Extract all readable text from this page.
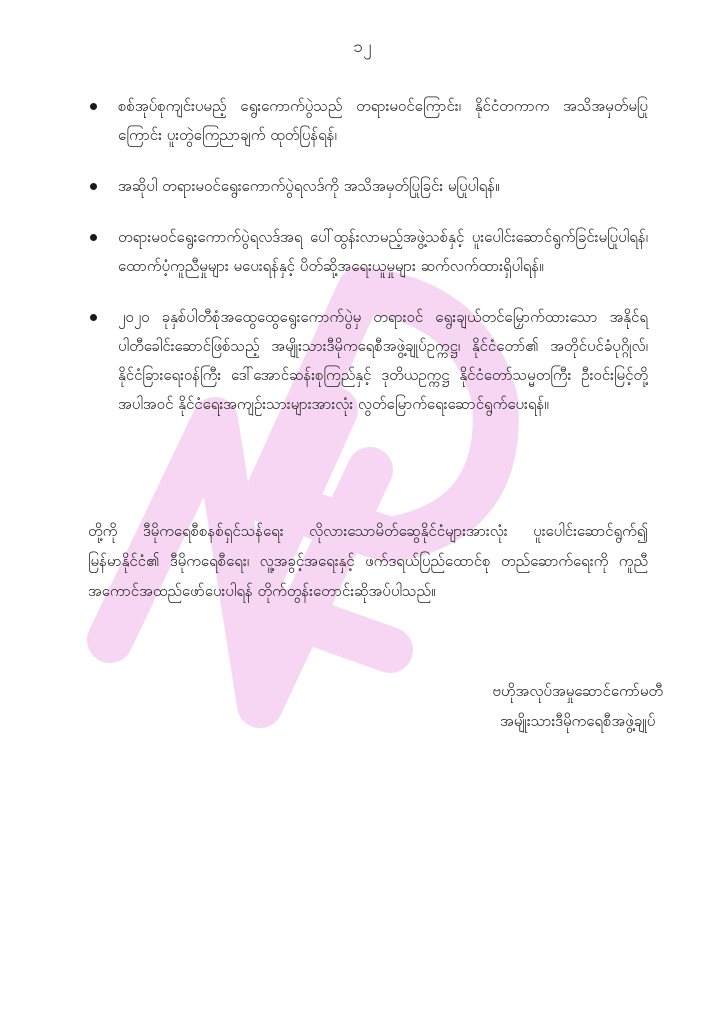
၁၂
စစ်အုပ်စုကျင်းပမည့် ရွေးကောက်ပွဲသည် တရားမဝင်ကြောင်း၊ နိုင်ငံတကာက အသိအမှတ်မပြုကြောင်း ပူးတွဲကြေညာချက် ထုတ်ပြန်ရန်၊
အဆိုပါ တရားမဝင်ရွေးကောက်ပွဲရလဒ်ကို အသိအမှတ်ပြုခြင်း မပြုပါရန်။
တရားမဝင်ရွေးကောက်ပွဲရလဒ်အရ ပေါ်ထွန်းလာမည့်အဖွဲ့သစ်နှင့် ပူးပေါင်းဆောင်ရွက်ခြင်းမပြုပါရန်၊ ထောက်ပံ့ကူညီမှုများ မပေးရန်နှင့် ပိတ်ဆို့အရေးယူမှုများ ဆက်လက်ထားရှိပါရန်။
၂၀၂၀ ခုနှစ်ပါတီစုံအထွေထွေရွေးကောက်ပွဲမှ တရားဝင် ရွေးချယ်တင်မြှောက်ထားသော အနိုင်ရ ပါတီခေါင်းဆောင်ဖြစ်သည့် အမျိုးသားဒီမိုကရေစီအဖွဲ့ချုပ်ဥက္ကဋ္ဌ၊ နိုင်ငံတော်၏ အတိုင်ပင်ခံပုဂ္ဂိုလ်၊ နိုင်ငံခြားရေးဝန်ကြီး ဒေါ်အောင်ဆန်းစုကြည်နှင့် ဒုတိယဥက္ကဋ္ဌ နိုင်ငံတော်သမ္မတကြီး ဦးဝင်းမြင့်တို့အပါအဝင် နိုင်ငံရေးအကျဉ်းသားများအားလုံး လွတ်မြောက်ရေးဆောင်ရွက်ပေးရန်။

တို့ကို ဒီမိုကရေစီစနစ်ရှင်သန်ရေး လိုလားသောမိတ်ဆွေနိုင်ငံများအားလုံး ပူးပေါင်းဆောင်ရွက်၍ မြန်မာနိုင်ငံ၏ ဒီမိုကရေစီရေး၊ လူ့အခွင့်အရေးနှင့် ဖက်ဒရယ်ပြည်ထောင်စု တည်ဆောက်ရေးကို ကူညီအကောင်အထည်ဖော်ပေးပါရန် တိုက်တွန်းတောင်းဆိုအပ်ပါသည်။

ဗဟိုအလုပ်အမှုဆောင်ကော်မတီ
အမျိုးသားဒီမိုကရေစီအဖွဲ့ချုပ်
